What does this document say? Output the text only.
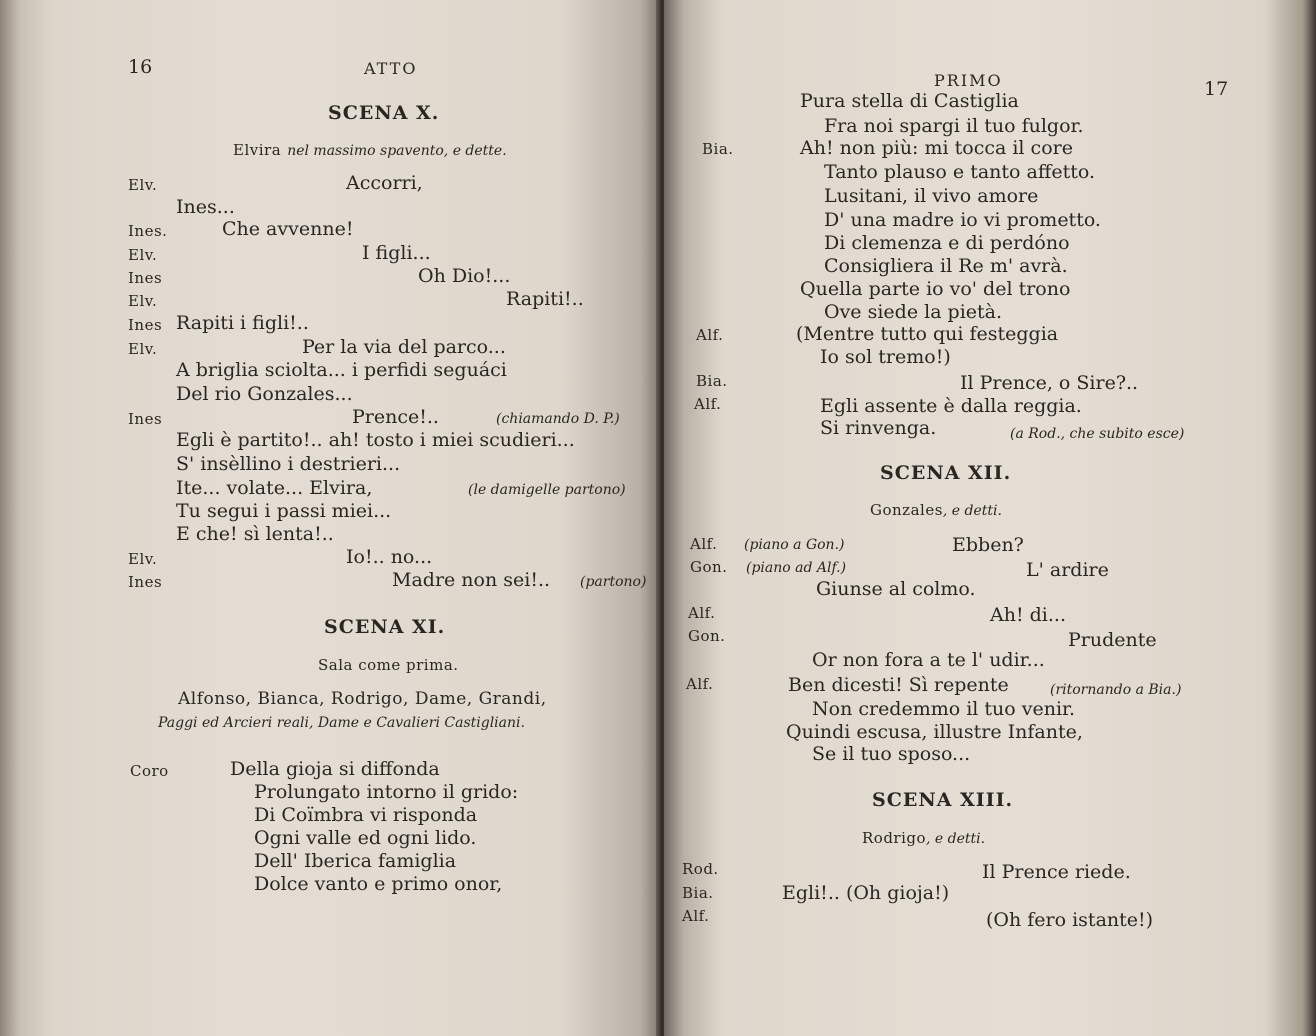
16	ATTO
SCENA X.
Elvira nel massimo spavento, e dette.
Elv.	Accorri,
Ines...
Ines.	Che avvenne!
Elv.	I figli...
Ines	Oh Dio!...
Elv.	Rapiti!..
Ines Rapiti i figli!..
Elv.	Per la via del parco...
A briglia sciolta... i perfidi seguáci
Del rio Gonzales...
Ines	Prence!..	(chiamando D. P.)
Egli è partito!.. ah! tosto i miei scudieri...
S' insèllino i destrieri...
Ite... volate... Elvira,	(le damigelle partono)
Tu segui i passi miei...
E che! sì lenta!..
Elv.	Io!.. no...
Ines	Madre non sei!.. (partono)
SCENA XI.
Sala come prima.
Alfonso, Bianca, Rodrigo, Dame, Grandi,
Paggi ed Arcieri reali, Dame e Cavalieri Castigliani.
Coro	Della gioja si diffonda
Prolungato intorno il grido:
Di Coïmbra vi risponda
Ogni valle ed ogni lido.
Dell' Iberica famiglia
Dolce vanto e primo onor,
PRIMO	17
Pura stella di Castiglia
Fra noi spargi il tuo fulgor.
Bia.	Ah! non più: mi tocca il core
Tanto plauso e tanto affetto.
Lusitani, il vivo amore
D' una madre io vi prometto.
Di clemenza e di perdóno
Consigliera il Re m' avrà.
Quella parte io vo' del trono
Ove siede la pietà.
Alf.	(Mentre tutto qui festeggia
Io sol tremo!)
Bia.	Il Prence, o Sire?..
Alf.	Egli assente è dalla reggia.
Si rinvenga.	(a Rod., che subito esce)
SCENA XII.
Gonzales, e detti.
Alf. (piano a Gon.)	Ebben?
Gon. (piano ad Alf.)	L' ardire
Giunse al colmo.
Alf.	Ah! di...
Gon.	Prudente
Or non fora a te l' udir...
Alf.	Ben dicesti! Sì repente	(ritornando a Bia.)
Non credemmo il tuo venir.
Quindi escusa, illustre Infante,
Se il tuo sposo...
SCENA XIII.
Rodrigo, e detti.
Rod.	Il Prence riede.
Bia.	Egli!.. (Oh gioja!)
Alf.	(Oh fero istante!)
